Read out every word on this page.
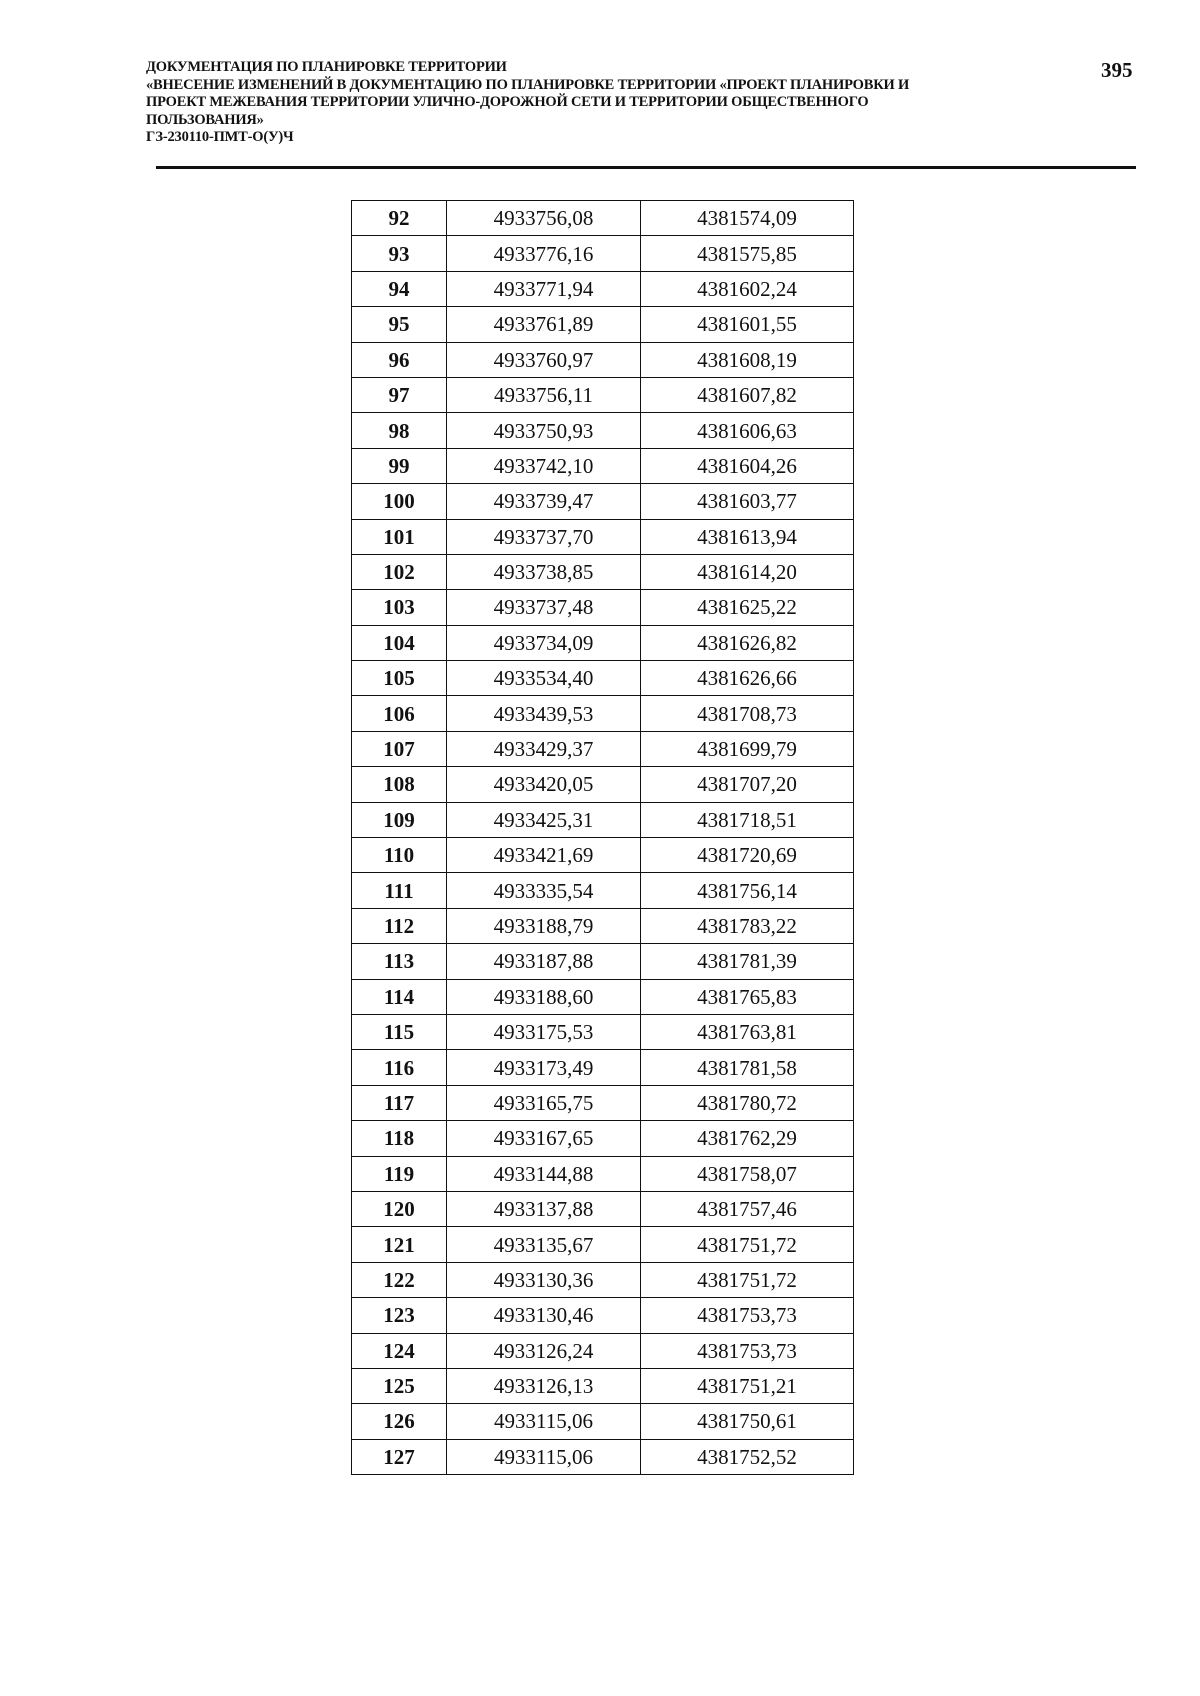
ДОКУМЕНТАЦИЯ ПО ПЛАНИРОВКЕ ТЕРРИТОРИИ
«ВНЕСЕНИЕ ИЗМЕНЕНИЙ В ДОКУМЕНТАЦИЮ ПО ПЛАНИРОВКЕ ТЕРРИТОРИИ «ПРОЕКТ ПЛАНИРОВКИ И
ПРОЕКТ МЕЖЕВАНИЯ ТЕРРИТОРИИ УЛИЧНО-ДОРОЖНОЙ СЕТИ И ТЕРРИТОРИИ ОБЩЕСТВЕННОГО
ПОЛЬЗОВАНИЯ»
ГЗ-230110-ПМТ-О(У)Ч
395
92	4933756,08	4381574,09
93	4933776,16	4381575,85
94	4933771,94	4381602,24
95	4933761,89	4381601,55
96	4933760,97	4381608,19
97	4933756,11	4381607,82
98	4933750,93	4381606,63
99	4933742,10	4381604,26
100	4933739,47	4381603,77
101	4933737,70	4381613,94
102	4933738,85	4381614,20
103	4933737,48	4381625,22
104	4933734,09	4381626,82
105	4933534,40	4381626,66
106	4933439,53	4381708,73
107	4933429,37	4381699,79
108	4933420,05	4381707,20
109	4933425,31	4381718,51
110	4933421,69	4381720,69
111	4933335,54	4381756,14
112	4933188,79	4381783,22
113	4933187,88	4381781,39
114	4933188,60	4381765,83
115	4933175,53	4381763,81
116	4933173,49	4381781,58
117	4933165,75	4381780,72
118	4933167,65	4381762,29
119	4933144,88	4381758,07
120	4933137,88	4381757,46
121	4933135,67	4381751,72
122	4933130,36	4381751,72
123	4933130,46	4381753,73
124	4933126,24	4381753,73
125	4933126,13	4381751,21
126	4933115,06	4381750,61
127	4933115,06	4381752,52
